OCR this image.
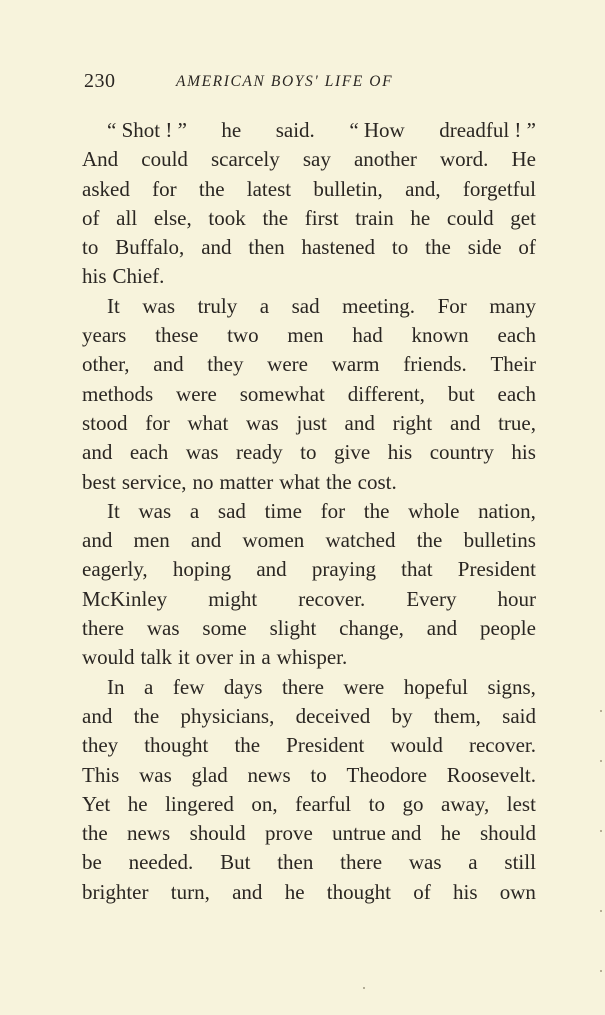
230	AMERICAN BOYS' LIFE OF
“ Shot ! ” he said. “ How dreadful ! ”
And could scarcely say another word. He
asked for the latest bulletin, and, forgetful
of all else, took the first train he could get
to Buffalo, and then hastened to the side of
his Chief.
It was truly a sad meeting. For many
years these two men had known each
other, and they were warm friends. Their
methods were somewhat different, but each
stood for what was just and right and true,
and each was ready to give his country his
best service, no matter what the cost.
It was a sad time for the whole nation,
and men and women watched the bulletins
eagerly, hoping and praying that President
McKinley might recover. Every hour
there was some slight change, and people
would talk it over in a whisper.
In a few days there were hopeful signs,
and the physicians, deceived by them, said
they thought the President would recover.
This was glad news to Theodore Roosevelt.
Yet he lingered on, fearful to go away, lest
the news should prove untrue and he should
be needed. But then there was a still
brighter turn, and he thought of his own
